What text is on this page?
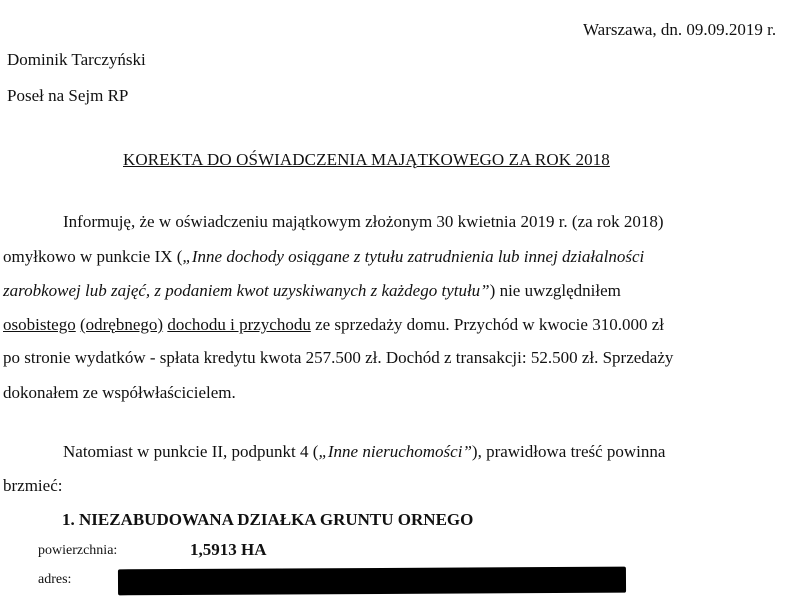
Warszawa, dn. 09.09.2019 r.
Dominik Tarczyński
Poseł na Sejm RP
KOREKTA DO OŚWIADCZENIA MAJĄTKOWEGO ZA ROK 2018
Informuję, że w oświadczeniu majątkowym złożonym 30 kwietnia 2019 r. (za rok 2018)
omyłkowo w punkcie IX („Inne dochody osiągane z tytułu zatrudnienia lub innej działalności
zarobkowej lub zajęć, z podaniem kwot uzyskiwanych z każdego tytułu”) nie uwzględniłem
osobistego (odrębnego) dochodu i przychodu ze sprzedaży domu. Przychód w kwocie 310.000 zł
po stronie wydatków - spłata kredytu kwota 257.500 zł. Dochód z transakcji: 52.500 zł. Sprzedaży
dokonałem ze współwłaścicielem.
Natomiast w punkcie II, podpunkt 4 („Inne nieruchomości”), prawidłowa treść powinna
brzmieć:
1. NIEZABUDOWANA DZIAŁKA GRUNTU ORNEGO
powierzchnia:	1,5913 HA
adres:
